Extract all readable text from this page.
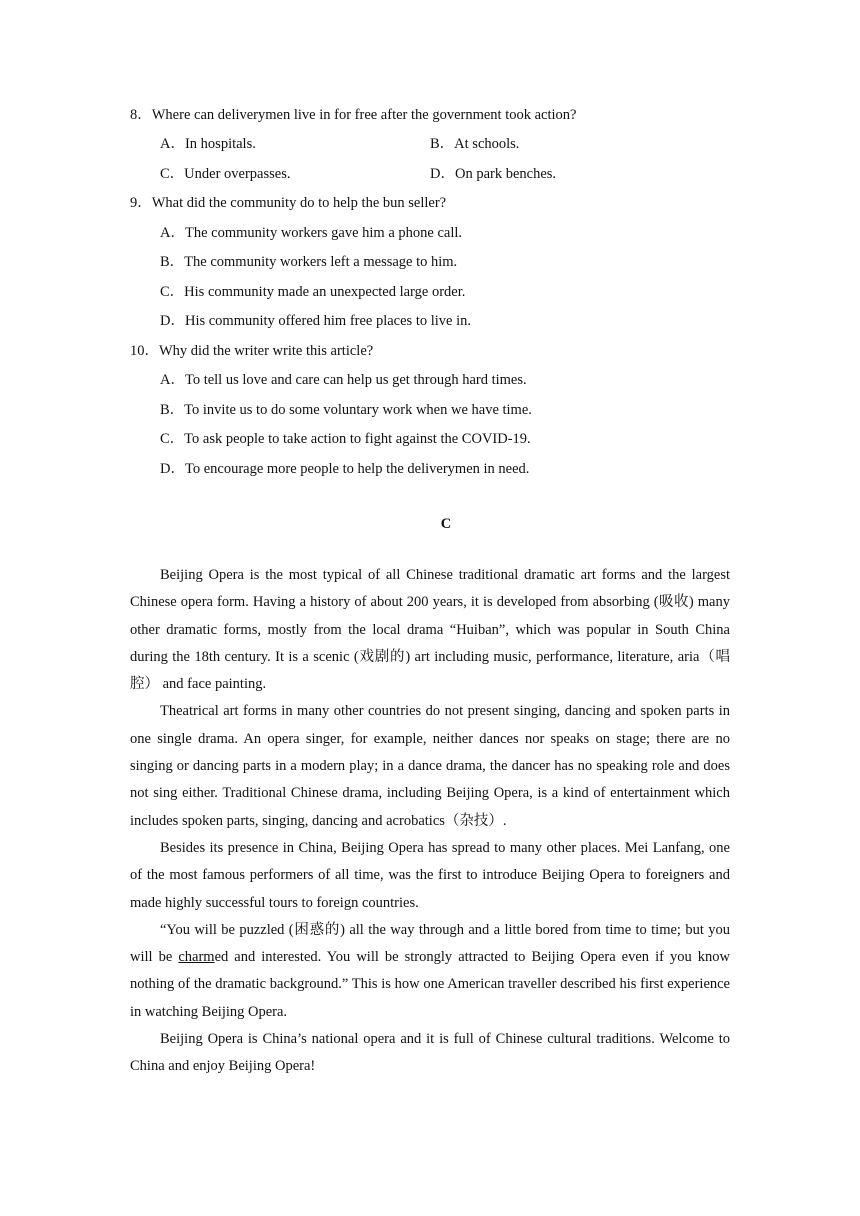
8．Where can deliverymen live in for free after the government took action?
A．In hospitals.	B．At schools.
C．Under overpasses.	D．On park benches.
9．What did the community do to help the bun seller?
A．The community workers gave him a phone call.
B．The community workers left a message to him.
C．His community made an unexpected large order.
D．His community offered him free places to live in.
10．Why did the writer write this article?
A．To tell us love and care can help us get through hard times.
B．To invite us to do some voluntary work when we have time.
C．To ask people to take action to fight against the COVID-19.
D．To encourage more people to help the deliverymen in need.
C

Beijing Opera is the most typical of all Chinese traditional dramatic art forms and the largest Chinese opera form. Having a history of about 200 years, it is developed from absorbing (吸收) many other dramatic forms, mostly from the local drama “Huiban”, which was popular in South China during the 18th century. It is a scenic (戏剧的) art including music, performance, literature, aria（唱腔） and face painting.

Theatrical art forms in many other countries do not present singing, dancing and spoken parts in one single drama. An opera singer, for example, neither dances nor speaks on stage; there are no singing or dancing parts in a modern play; in a dance drama, the dancer has no speaking role and does not sing either. Traditional Chinese drama, including Beijing Opera, is a kind of entertainment which includes spoken parts, singing, dancing and acrobatics（杂技）.

Besides its presence in China, Beijing Opera has spread to many other places. Mei Lanfang, one of the most famous performers of all time, was the first to introduce Beijing Opera to foreigners and made highly successful tours to foreign countries.

“You will be puzzled (困惑的) all the way through and a little bored from time to time; but you will be charmed and interested. You will be strongly attracted to Beijing Opera even if you know nothing of the dramatic background.” This is how one American traveller described his first experience in watching Beijing Opera.

Beijing Opera is China’s national opera and it is full of Chinese cultural traditions. Welcome to China and enjoy Beijing Opera!
